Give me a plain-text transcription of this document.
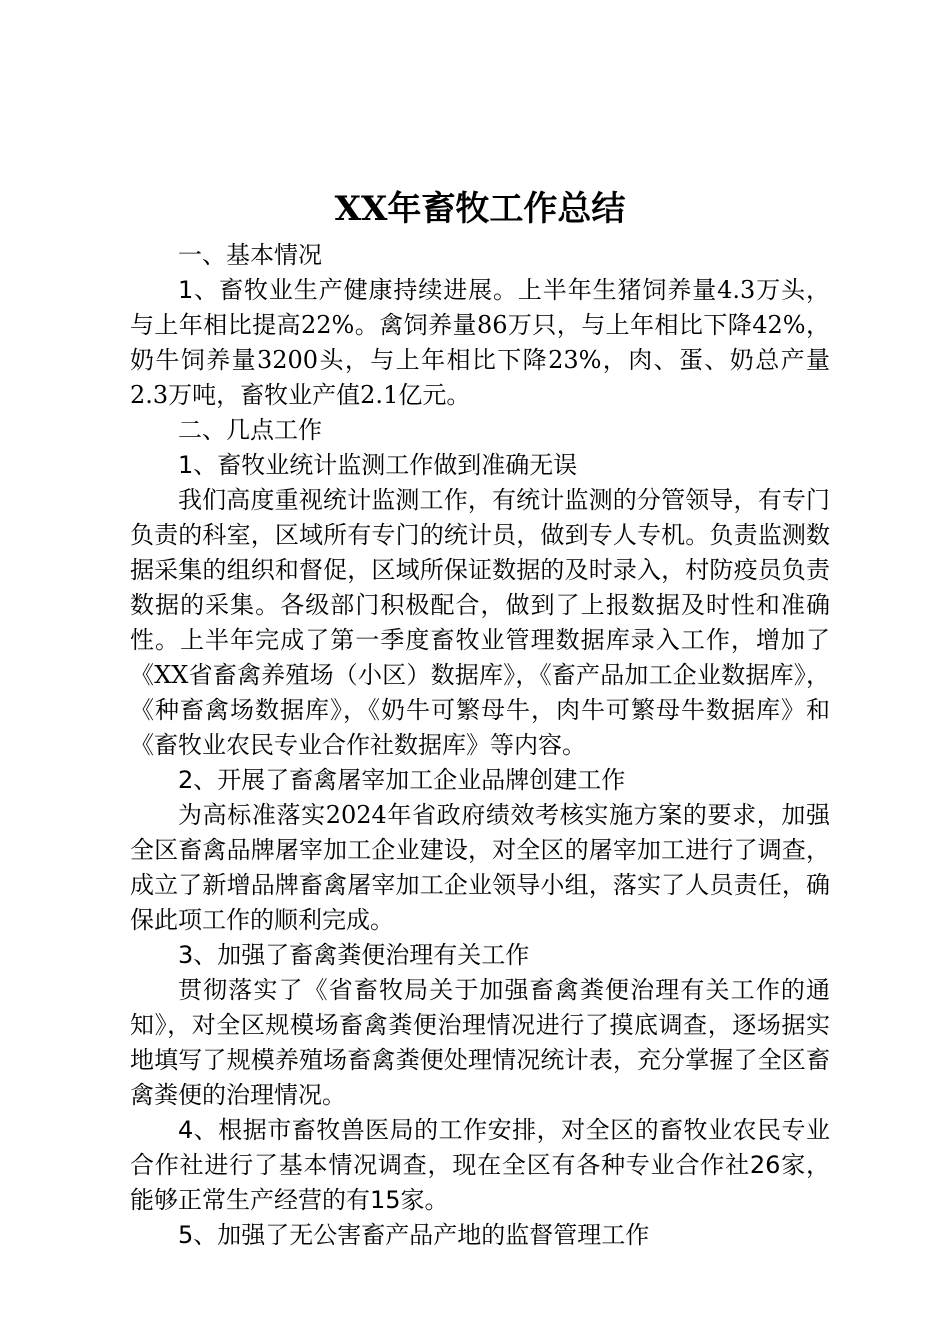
XX年畜牧工作总结

一、基本情况

1、畜牧业生产健康持续进展。上半年生猪饲养量4.3万头，与上年相比提高22%。禽饲养量86万只，与上年相比下降42%，奶牛饲养量3200头，与上年相比下降23%，肉、蛋、奶总产量2.3万吨，畜牧业产值2.1亿元。

二、几点工作

1、畜牧业统计监测工作做到准确无误

我们高度重视统计监测工作，有统计监测的分管领导，有专门负责的科室，区域所有专门的统计员，做到专人专机。负责监测数据采集的组织和督促，区域所保证数据的及时录入，村防疫员负责数据的采集。各级部门积极配合，做到了上报数据及时性和准确性。上半年完成了第一季度畜牧业管理数据库录入工作，增加了《XX省畜禽养殖场（小区）数据库》，《畜产品加工企业数据库》，《种畜禽场数据库》，《奶牛可繁母牛，肉牛可繁母牛数据库》和《畜牧业农民专业合作社数据库》等内容。

2、开展了畜禽屠宰加工企业品牌创建工作

为高标准落实2024年省政府绩效考核实施方案的要求，加强全区畜禽品牌屠宰加工企业建设，对全区的屠宰加工进行了调查，成立了新增品牌畜禽屠宰加工企业领导小组，落实了人员责任，确保此项工作的顺利完成。

3、加强了畜禽粪便治理有关工作

贯彻落实了《省畜牧局关于加强畜禽粪便治理有关工作的通知》，对全区规模场畜禽粪便治理情况进行了摸底调查，逐场据实地填写了规模养殖场畜禽粪便处理情况统计表，充分掌握了全区畜禽粪便的治理情况。

4、根据市畜牧兽医局的工作安排，对全区的畜牧业农民专业合作社进行了基本情况调查，现在全区有各种专业合作社26家，能够正常生产经营的有15家。

5、加强了无公害畜产品产地的监督管理工作
